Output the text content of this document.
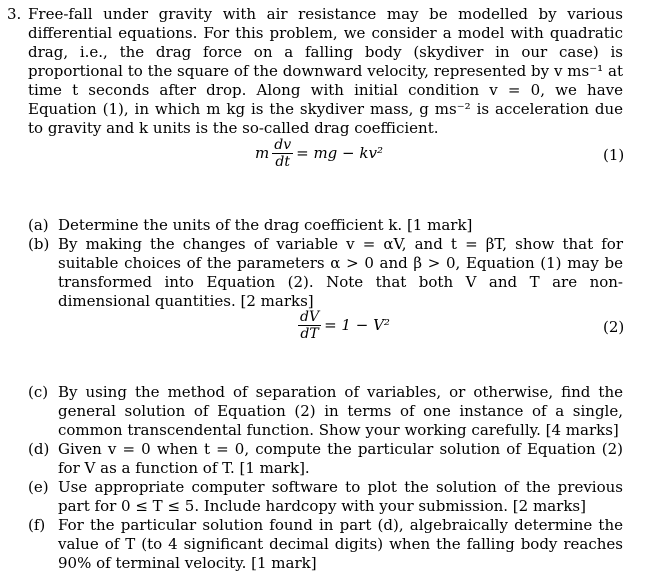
3. Free-fall under gravity with air resistance may be modelled by various differential equations. For this problem, we consider a model with quadratic drag, i.e., the drag force on a falling body (skydiver in our case) is proportional to the square of the downward velocity, represented by v ms⁻¹ at time t seconds after drop. Along with initial condition v = 0, we have Equation (1), in which m kg is the skydiver mass, g ms⁻² is acceleration due to gravity and k units is the so-called drag coefficient.
m $\frac{dv}{dt}$ = mg − kv²	(1)
(a) Determine the units of the drag coefficient k. [1 mark]
(b) By making the changes of variable v = αV, and t = βT, show that for suitable choices of the parameters α > 0 and β > 0, Equation (1) may be transformed into Equation (2). Note that both V and T are non-dimensional quantities. [2 marks]
$\frac{dV}{dT} = 1 - V^2$	(2)
(c) By using the method of separation of variables, or otherwise, find the general solution of Equation (2) in terms of one instance of a single, common transcendental function. Show your working carefully. [4 marks]
(d) Given v = 0 when t = 0, compute the particular solution of Equation (2) for V as a function of T. [1 mark].
(e) Use appropriate computer software to plot the solution of the previous part for 0 ≤ T ≤ 5. Include hardcopy with your submission. [2 marks]
(f) For the particular solution found in part (d), algebraically determine the value of T (to 4 significant decimal digits) when the falling body reaches 90% of terminal velocity. [1 mark]
